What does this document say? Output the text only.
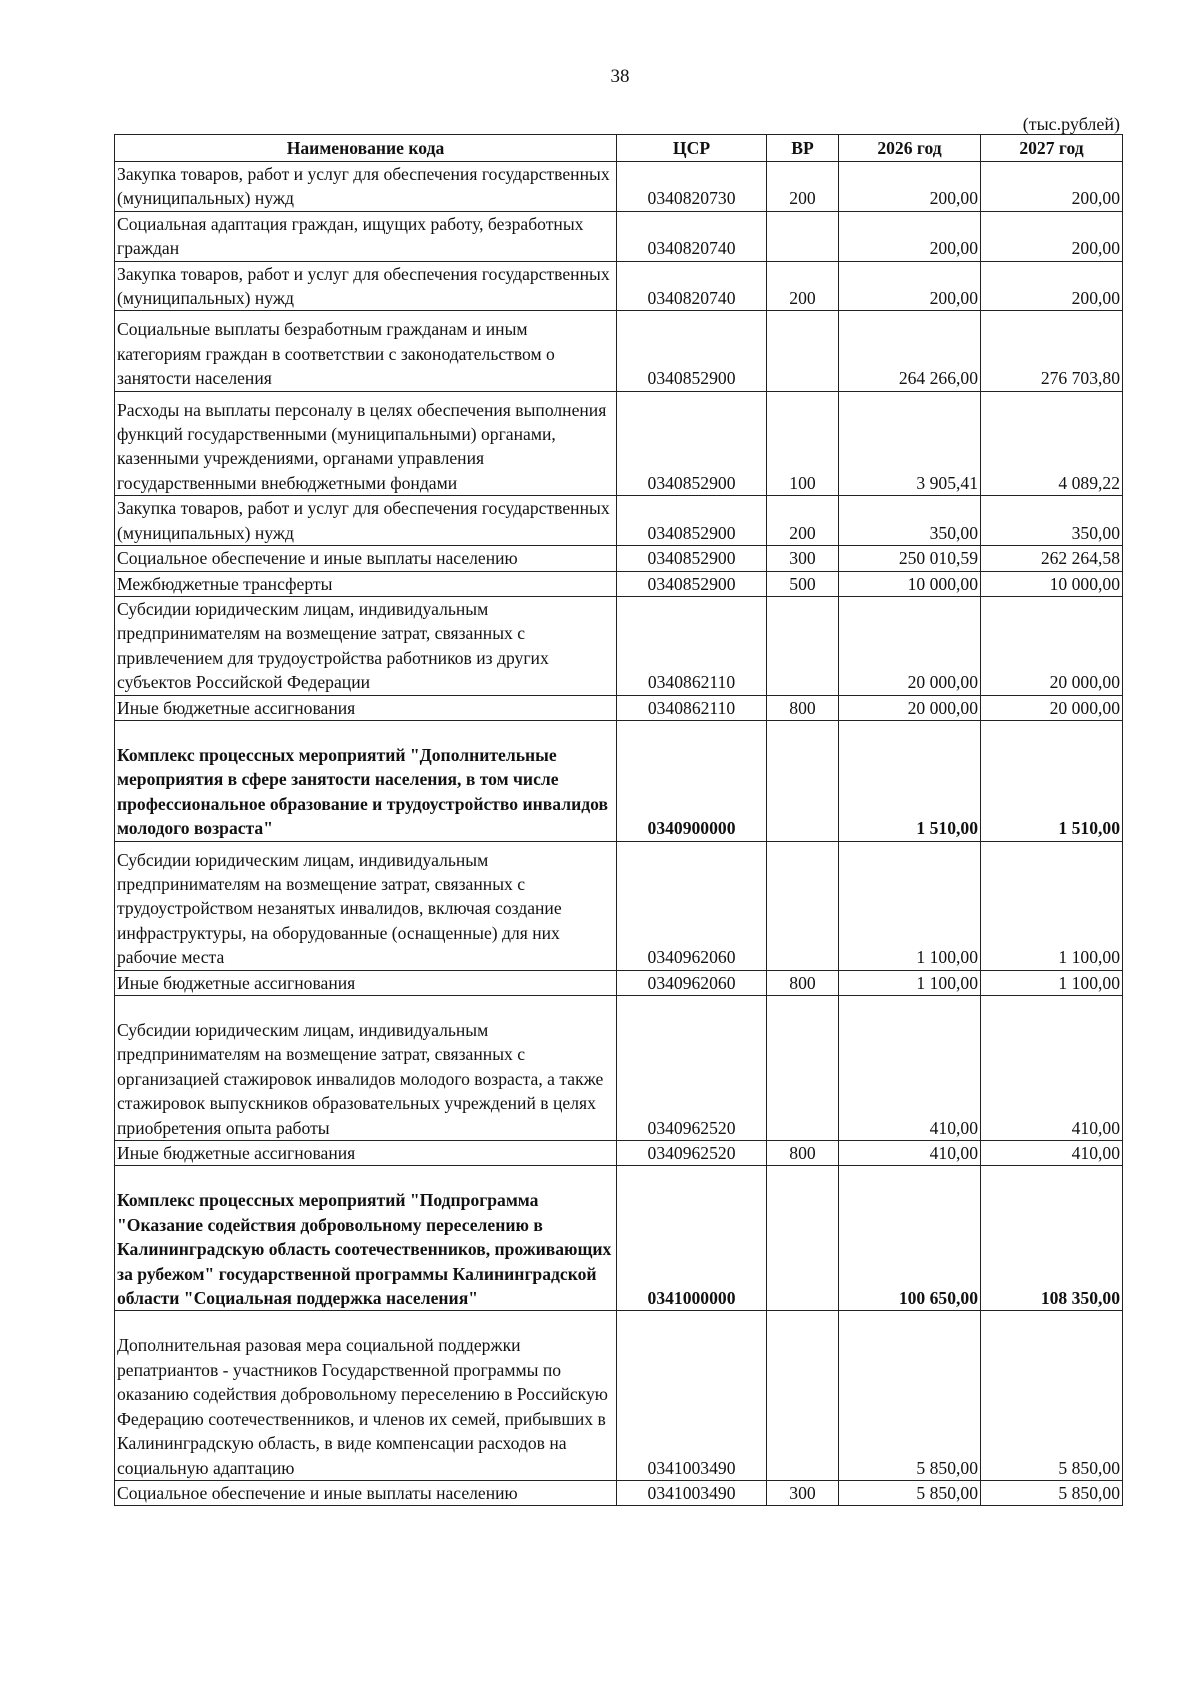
38
(тыс.рублей)
Наименование кода	ЦСР	ВР	2026 год	2027 год
Закупка товаров, работ и услуг для обеспечения государственных (муниципальных) нужд	0340820730	200	200,00	200,00
Социальная адаптация граждан, ищущих работу, безработных граждан	0340820740		200,00	200,00
Закупка товаров, работ и услуг для обеспечения государственных (муниципальных) нужд	0340820740	200	200,00	200,00
Социальные выплаты безработным гражданам и иным категориям граждан в соответствии с законодательством о занятости населения	0340852900		264 266,00	276 703,80
Расходы на выплаты персоналу в целях обеспечения выполнения функций государственными (муниципальными) органами, казенными учреждениями, органами управления государственными внебюджетными фондами	0340852900	100	3 905,41	4 089,22
Закупка товаров, работ и услуг для обеспечения государственных (муниципальных) нужд	0340852900	200	350,00	350,00
Социальное обеспечение и иные выплаты населению	0340852900	300	250 010,59	262 264,58
Межбюджетные трансферты	0340852900	500	10 000,00	10 000,00
Субсидии юридическим лицам, индивидуальным предпринимателям на возмещение затрат, связанных с привлечением для трудоустройства работников из других субъектов Российской Федерации	0340862110		20 000,00	20 000,00
Иные бюджетные ассигнования	0340862110	800	20 000,00	20 000,00
Комплекс процессных мероприятий "Дополнительные мероприятия в сфере занятости населения, в том числе профессиональное образование и трудоустройство инвалидов молодого возраста"	0340900000		1 510,00	1 510,00
Субсидии юридическим лицам, индивидуальным предпринимателям на возмещение затрат, связанных с трудоустройством незанятых инвалидов, включая создание инфраструктуры, на оборудованные (оснащенные) для них рабочие места	0340962060		1 100,00	1 100,00
Иные бюджетные ассигнования	0340962060	800	1 100,00	1 100,00
Субсидии юридическим лицам, индивидуальным предпринимателям на возмещение затрат, связанных с организацией стажировок инвалидов молодого возраста, а также стажировок выпускников образовательных учреждений в целях приобретения опыта работы	0340962520		410,00	410,00
Иные бюджетные ассигнования	0340962520	800	410,00	410,00
Комплекс процессных мероприятий "Подпрограмма "Оказание содействия добровольному переселению в Калининградскую область соотечественников, проживающих за рубежом" государственной программы Калининградской области "Социальная поддержка населения"	0341000000		100 650,00	108 350,00
Дополнительная разовая мера социальной поддержки репатриантов - участников Государственной программы по оказанию содействия добровольному переселению в Российскую Федерацию соотечественников, и членов их семей, прибывших в Калининградскую область, в виде компенсации расходов на социальную адаптацию	0341003490		5 850,00	5 850,00
Социальное обеспечение и иные выплаты населению	0341003490	300	5 850,00	5 850,00
